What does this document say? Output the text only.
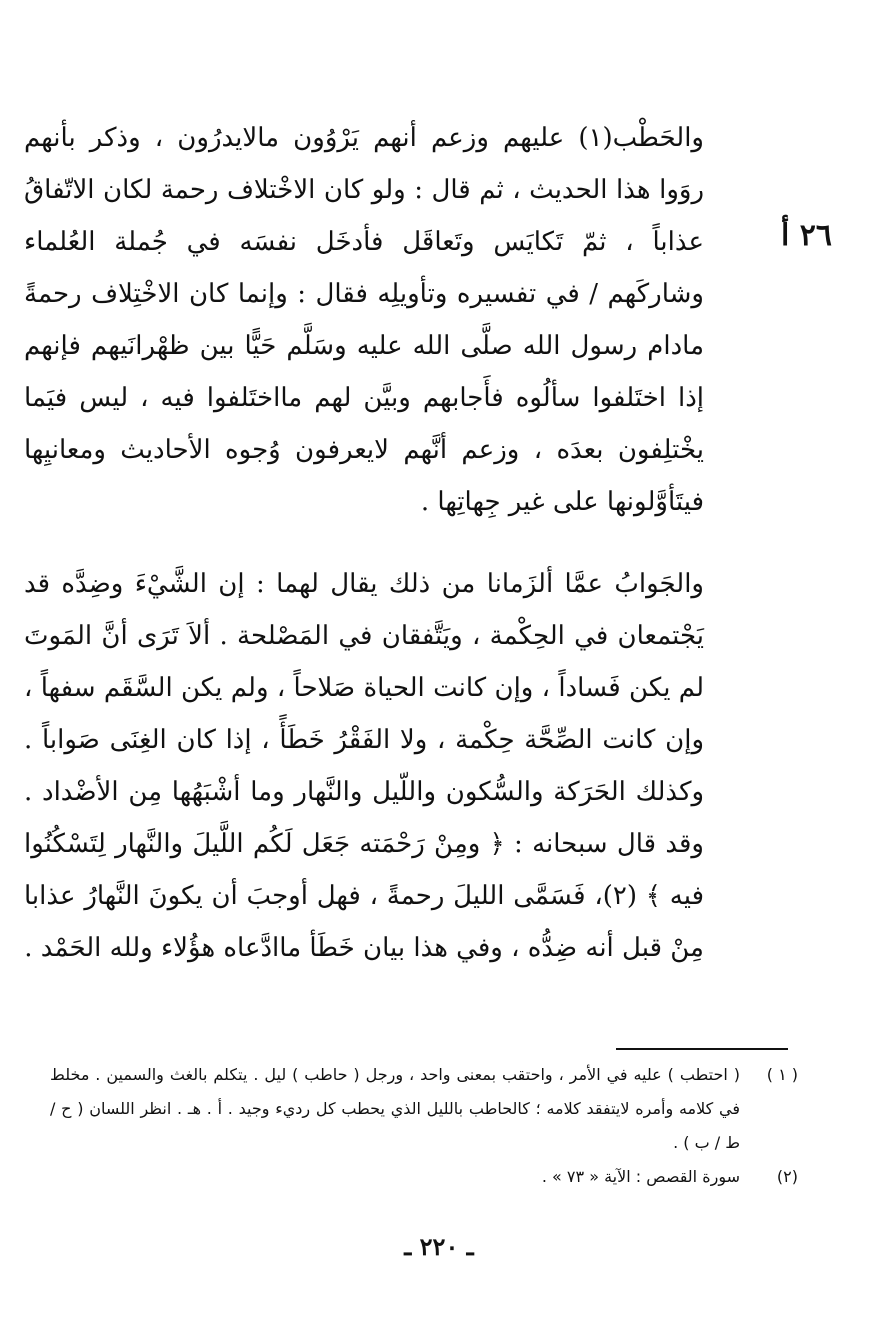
٢٦ أ

والحَطْب(١) عليهم وزعم أنهم يَرْوُون مالايدرُون ، وذكر بأنهم روَوا هذا الحديث ، ثم قال : ولو كان الاخْتلاف رحمة لكان الاتّفاقُ عذاباً ، ثمّ تَكايَس وتَعاقَل فأدخَل نفسَه في جُملة العُلماء وشاركَهم / في تفسيره وتأويلِه فقال : وإنما كان الاخْتِلاف رحمةً مادام رسول الله صلَّى الله عليه وسَلَّم حَيًّا بين ظهْرانَيهم فإنهم إذا اختَلفوا سألُوه فأَجابهم وبيَّن لهم مااختَلفوا فيه ، ليس فيَما يخْتلِفون بعدَه ، وزعم أنَّهم لايعرفون وُجوه الأحاديث ومعانيِها فيتَأوَّلونها على غير جِهاتِها .

والجَوابُ عمَّا ألزَمانا من ذلك يقال لهما : إن الشَّيْءَ وضِدَّه قد يَجْتمعان في الحِكْمة ، ويَتَّفقان في المَصْلحة . ألاَ تَرَى أنَّ المَوتَ لم يكن فَساداً ، وإن كانت الحياة صَلاحاً ، ولم يكن السَّقَم سفهاً ، وإن كانت الصِّحَّة حِكْمة ، ولا الفَقْرُ خَطَأً ، إذا كان الغِنَى صَواباً . وكذلك الحَرَكة والسُّكون واللّيل والنَّهار وما أشْبَهُها مِن الأضْداد . وقد قال سبحانه : ﴿ ومِنْ رَحْمَته جَعَل لَكُم اللَّيلَ والنَّهار لِتَسْكُنُوا فيه ﴾ (٢)، فَسَمَّى الليلَ رحمةً ، فهل أوجبَ أن يكونَ النَّهارُ عذابا مِنْ قبل أنه ضِدُّه ، وفي هذا بيان خَطَأ ماادَّعاه هؤُلاء ولله الحَمْد .

( ١ )
( احتطب ) عليه في الأمر ، واحتقب بمعنى واحد ، ورجل ( حاطب ) ليل . يتكلم بالغث والسمين . مخلط في كلامه وأمره لايتفقد كلامه ؛ كالحاطب بالليل الذي يحطب كل رديء وجيد . أ . هـ . انظر اللسان ( ح / ط / ب ) .
(٢)
سورة القصص : الآية « ٧٣ » .
ـ ٢٢٠ ـ
